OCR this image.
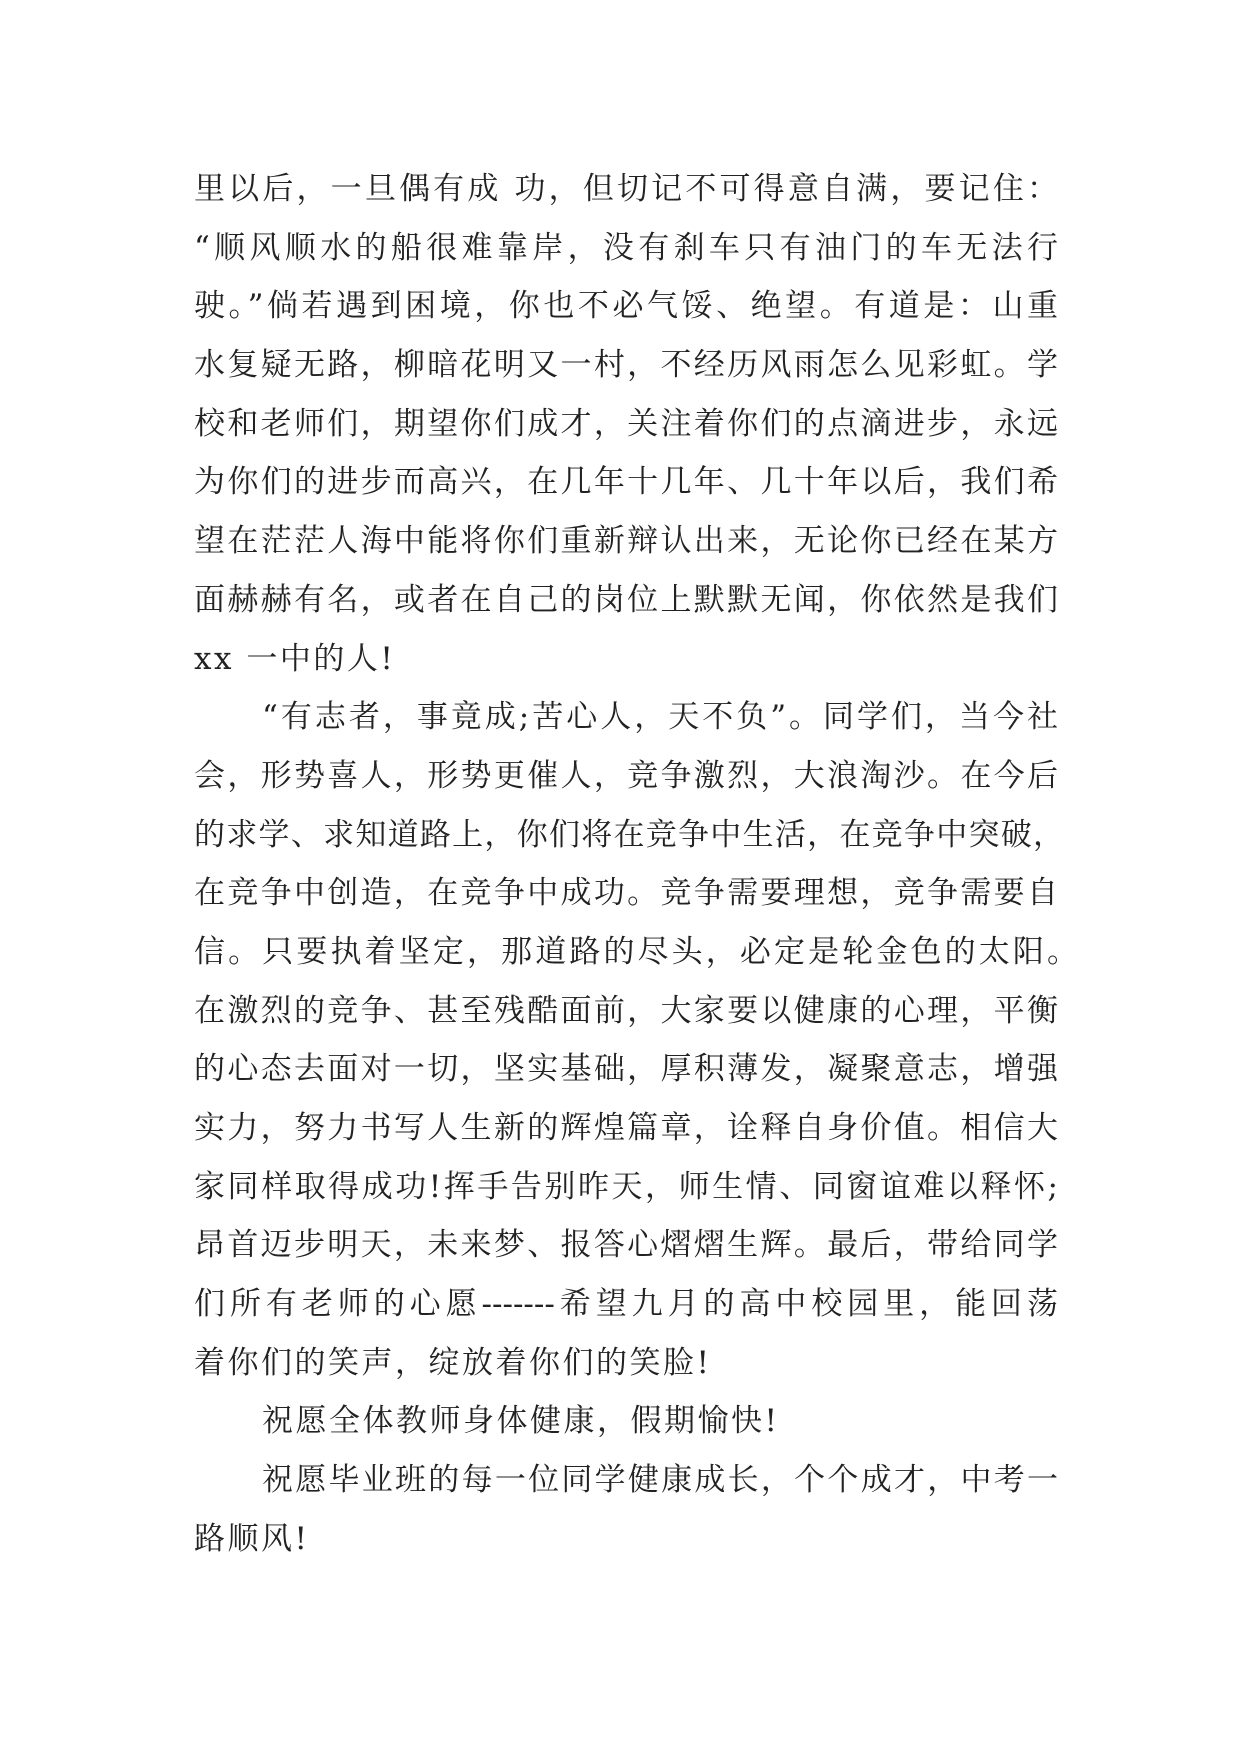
里以后，一旦偶有成 功，但切记不可得意自满，要记住：
“顺风顺水的船很难靠岸，没有刹车只有油门的车无法行
驶。”倘若遇到困境，你也不必气馁、绝望。有道是：山重
水复疑无路，柳暗花明又一村，不经历风雨怎么见彩虹。学
校和老师们，期望你们成才，关注着你们的点滴进步，永远
为你们的进步而高兴，在几年十几年、几十年以后，我们希
望在茫茫人海中能将你们重新辩认出来，无论你已经在某方
面赫赫有名，或者在自己的岗位上默默无闻，你依然是我们
xx 一中的人!
“有志者，事竟成;苦心人，天不负”。同学们，当今社
会，形势喜人，形势更催人，竞争激烈，大浪淘沙。在今后
的求学、求知道路上，你们将在竞争中生活，在竞争中突破，
在竞争中创造，在竞争中成功。竞争需要理想，竞争需要自
信。只要执着坚定，那道路的尽头，必定是轮金色的太阳。
在激烈的竞争、甚至残酷面前，大家要以健康的心理，平衡
的心态去面对一切，坚实基础，厚积薄发，凝聚意志，增强
实力，努力书写人生新的辉煌篇章，诠释自身价值。相信大
家同样取得成功!挥手告别昨天，师生情、同窗谊难以释怀;
昂首迈步明天，未来梦、报答心熠熠生辉。最后，带给同学
们所有老师的心愿-------希望九月的高中校园里，能回荡
着你们的笑声，绽放着你们的笑脸!
祝愿全体教师身体健康，假期愉快!
祝愿毕业班的每一位同学健康成长，个个成才，中考一
路顺风!
